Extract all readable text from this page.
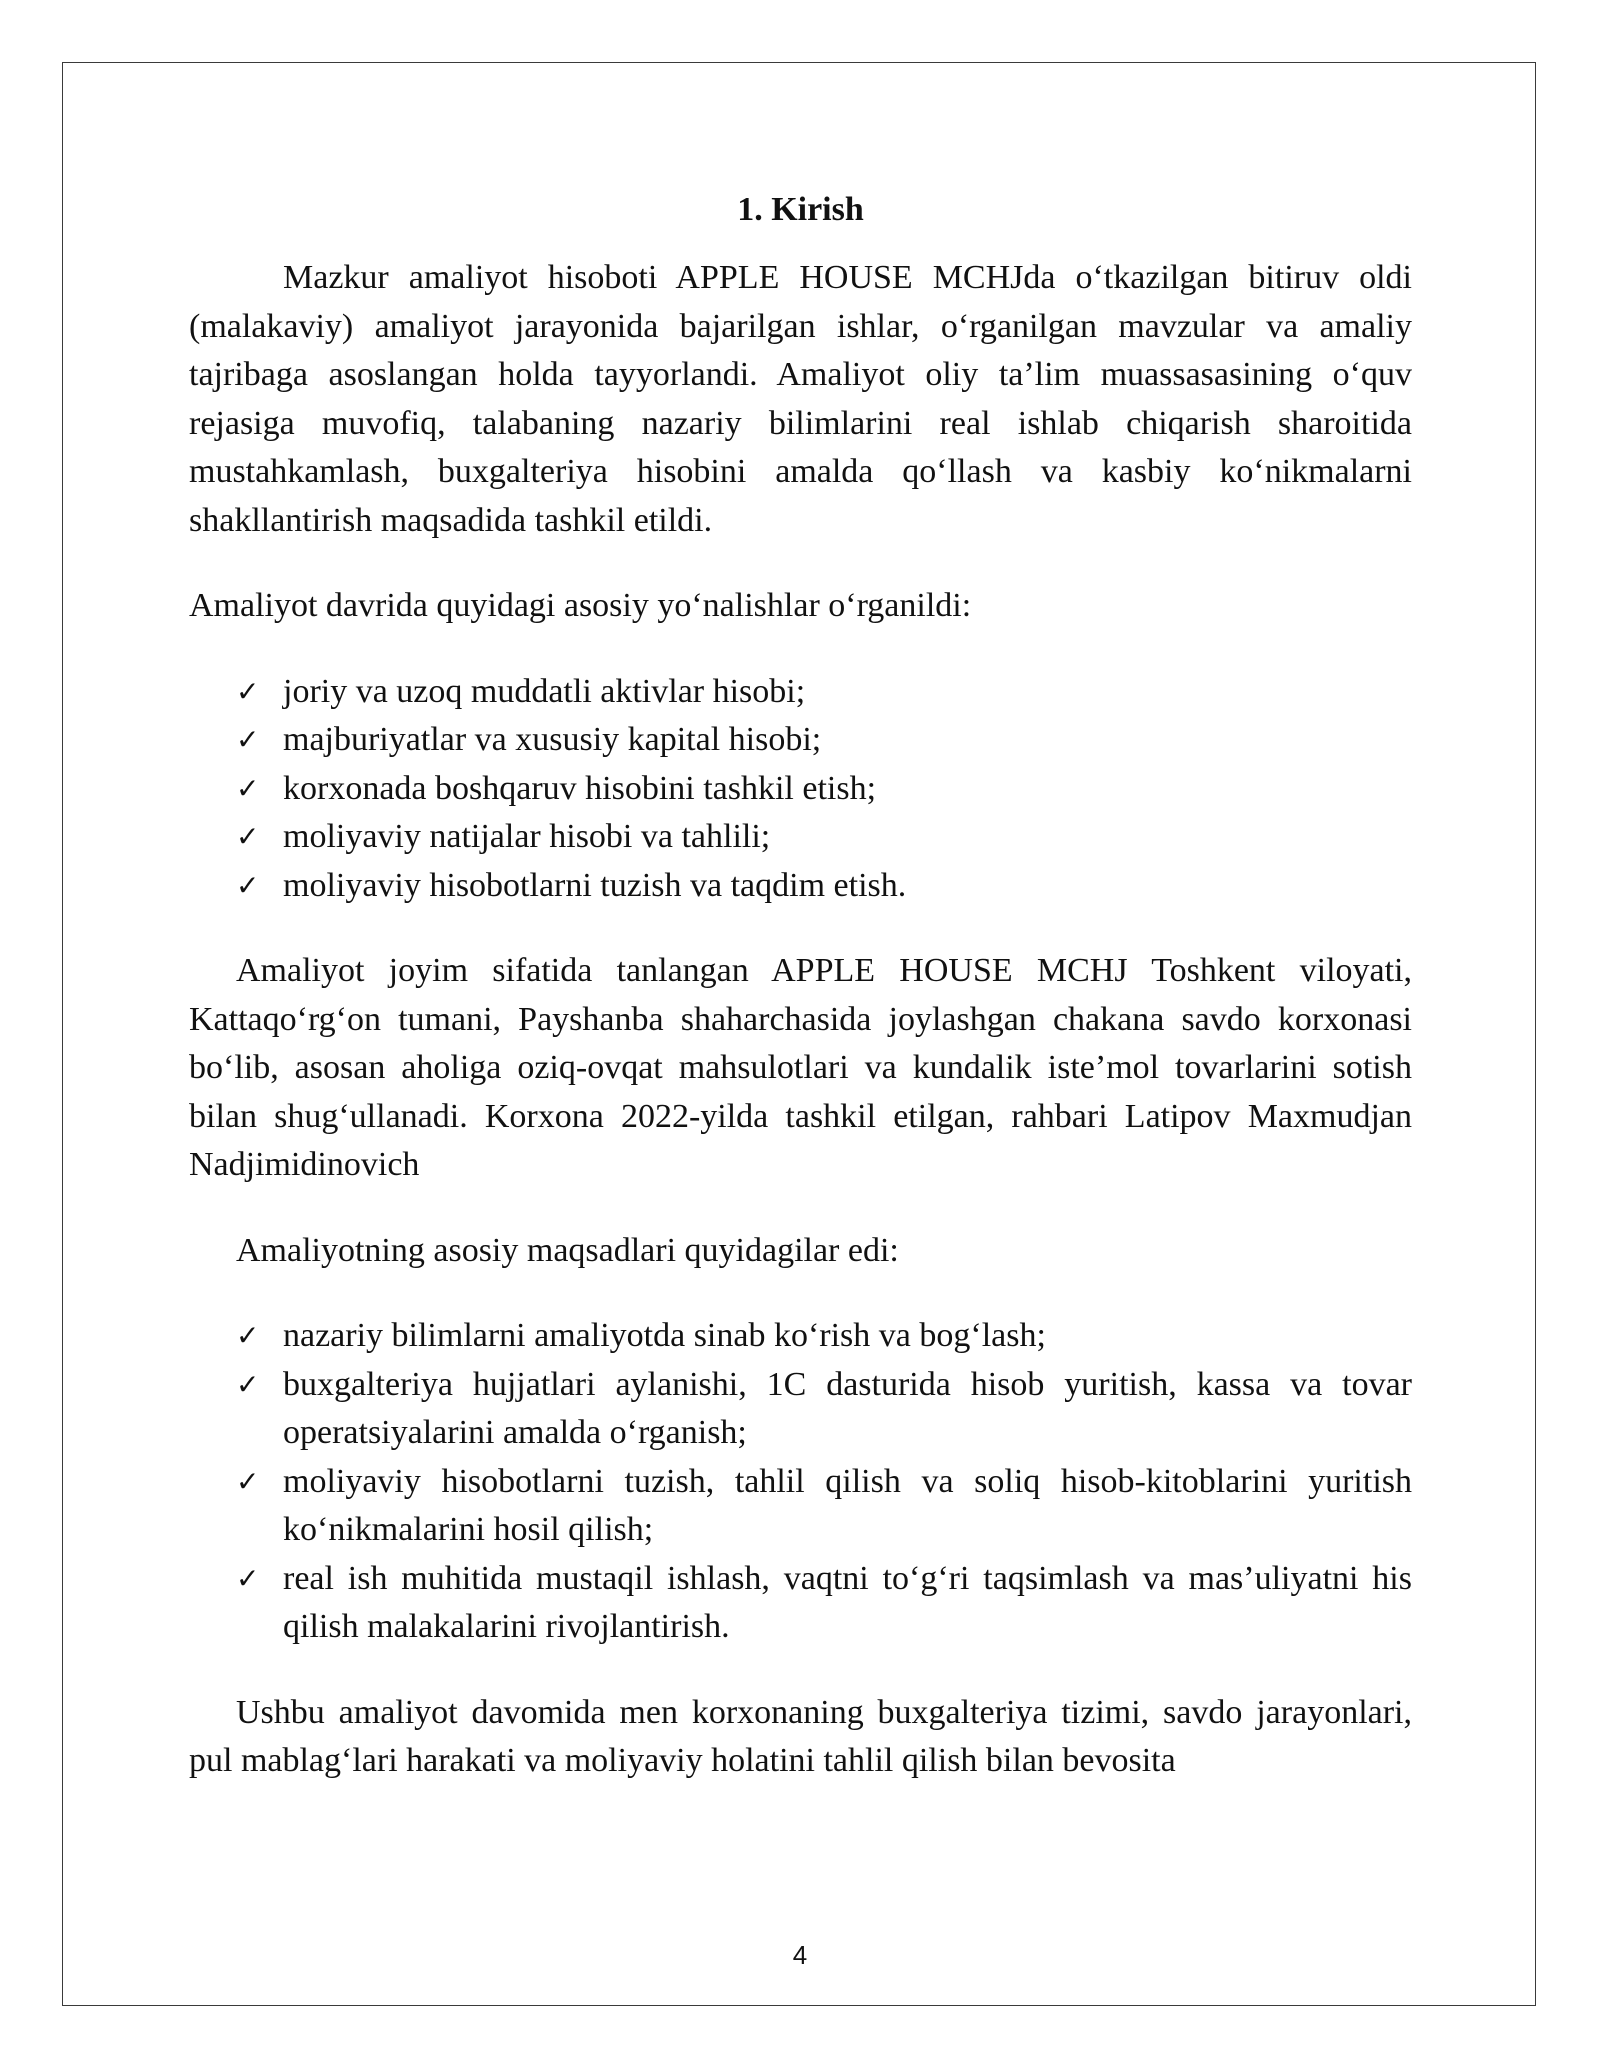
1. Kirish

Mazkur amaliyot hisoboti APPLE HOUSE MCHJda o‘tkazilgan bitiruv oldi (malakaviy) amaliyot jarayonida bajarilgan ishlar, o‘rganilgan mavzular va amaliy tajribaga asoslangan holda tayyorlandi. Amaliyot oliy ta’lim muassasasining o‘quv rejasiga muvofiq, talabaning nazariy bilimlarini real ishlab chiqarish sharoitida mustahkamlash, buxgalteriya hisobini amalda qo‘llash va kasbiy ko‘nikmalarni shakllantirish maqsadida tashkil etildi.

Amaliyot davrida quyidagi asosiy yo‘nalishlar o‘rganildi:

✓ joriy va uzoq muddatli aktivlar hisobi;
✓ majburiyatlar va xususiy kapital hisobi;
✓ korxonada boshqaruv hisobini tashkil etish;
✓ moliyaviy natijalar hisobi va tahlili;
✓ moliyaviy hisobotlarni tuzish va taqdim etish.

Amaliyot joyim sifatida tanlangan APPLE HOUSE MCHJ Toshkent viloyati, Kattaqo‘rg‘on tumani, Payshanba shaharchasida joylashgan chakana savdo korxonasi bo‘lib, asosan aholiga oziq-ovqat mahsulotlari va kundalik iste’mol tovarlarini sotish bilan shug‘ullanadi. Korxona 2022-yilda tashkil etilgan, rahbari Latipov Maxmudjan Nadjimidinovich

Amaliyotning asosiy maqsadlari quyidagilar edi:

✓ nazariy bilimlarni amaliyotda sinab ko‘rish va bog‘lash;
✓ buxgalteriya hujjatlari aylanishi, 1C dasturida hisob yuritish, kassa va tovar operatsiyalarini amalda o‘rganish;
✓ moliyaviy hisobotlarni tuzish, tahlil qilish va soliq hisob-kitoblarini yuritish ko‘nikmalarini hosil qilish;
✓ real ish muhitida mustaqil ishlash, vaqtni to‘g‘ri taqsimlash va mas’uliyatni his qilish malakalarini rivojlantirish.

Ushbu amaliyot davomida men korxonaning buxgalteriya tizimi, savdo jarayonlari, pul mablag‘lari harakati va moliyaviy holatini tahlil qilish bilan bevosita

4
